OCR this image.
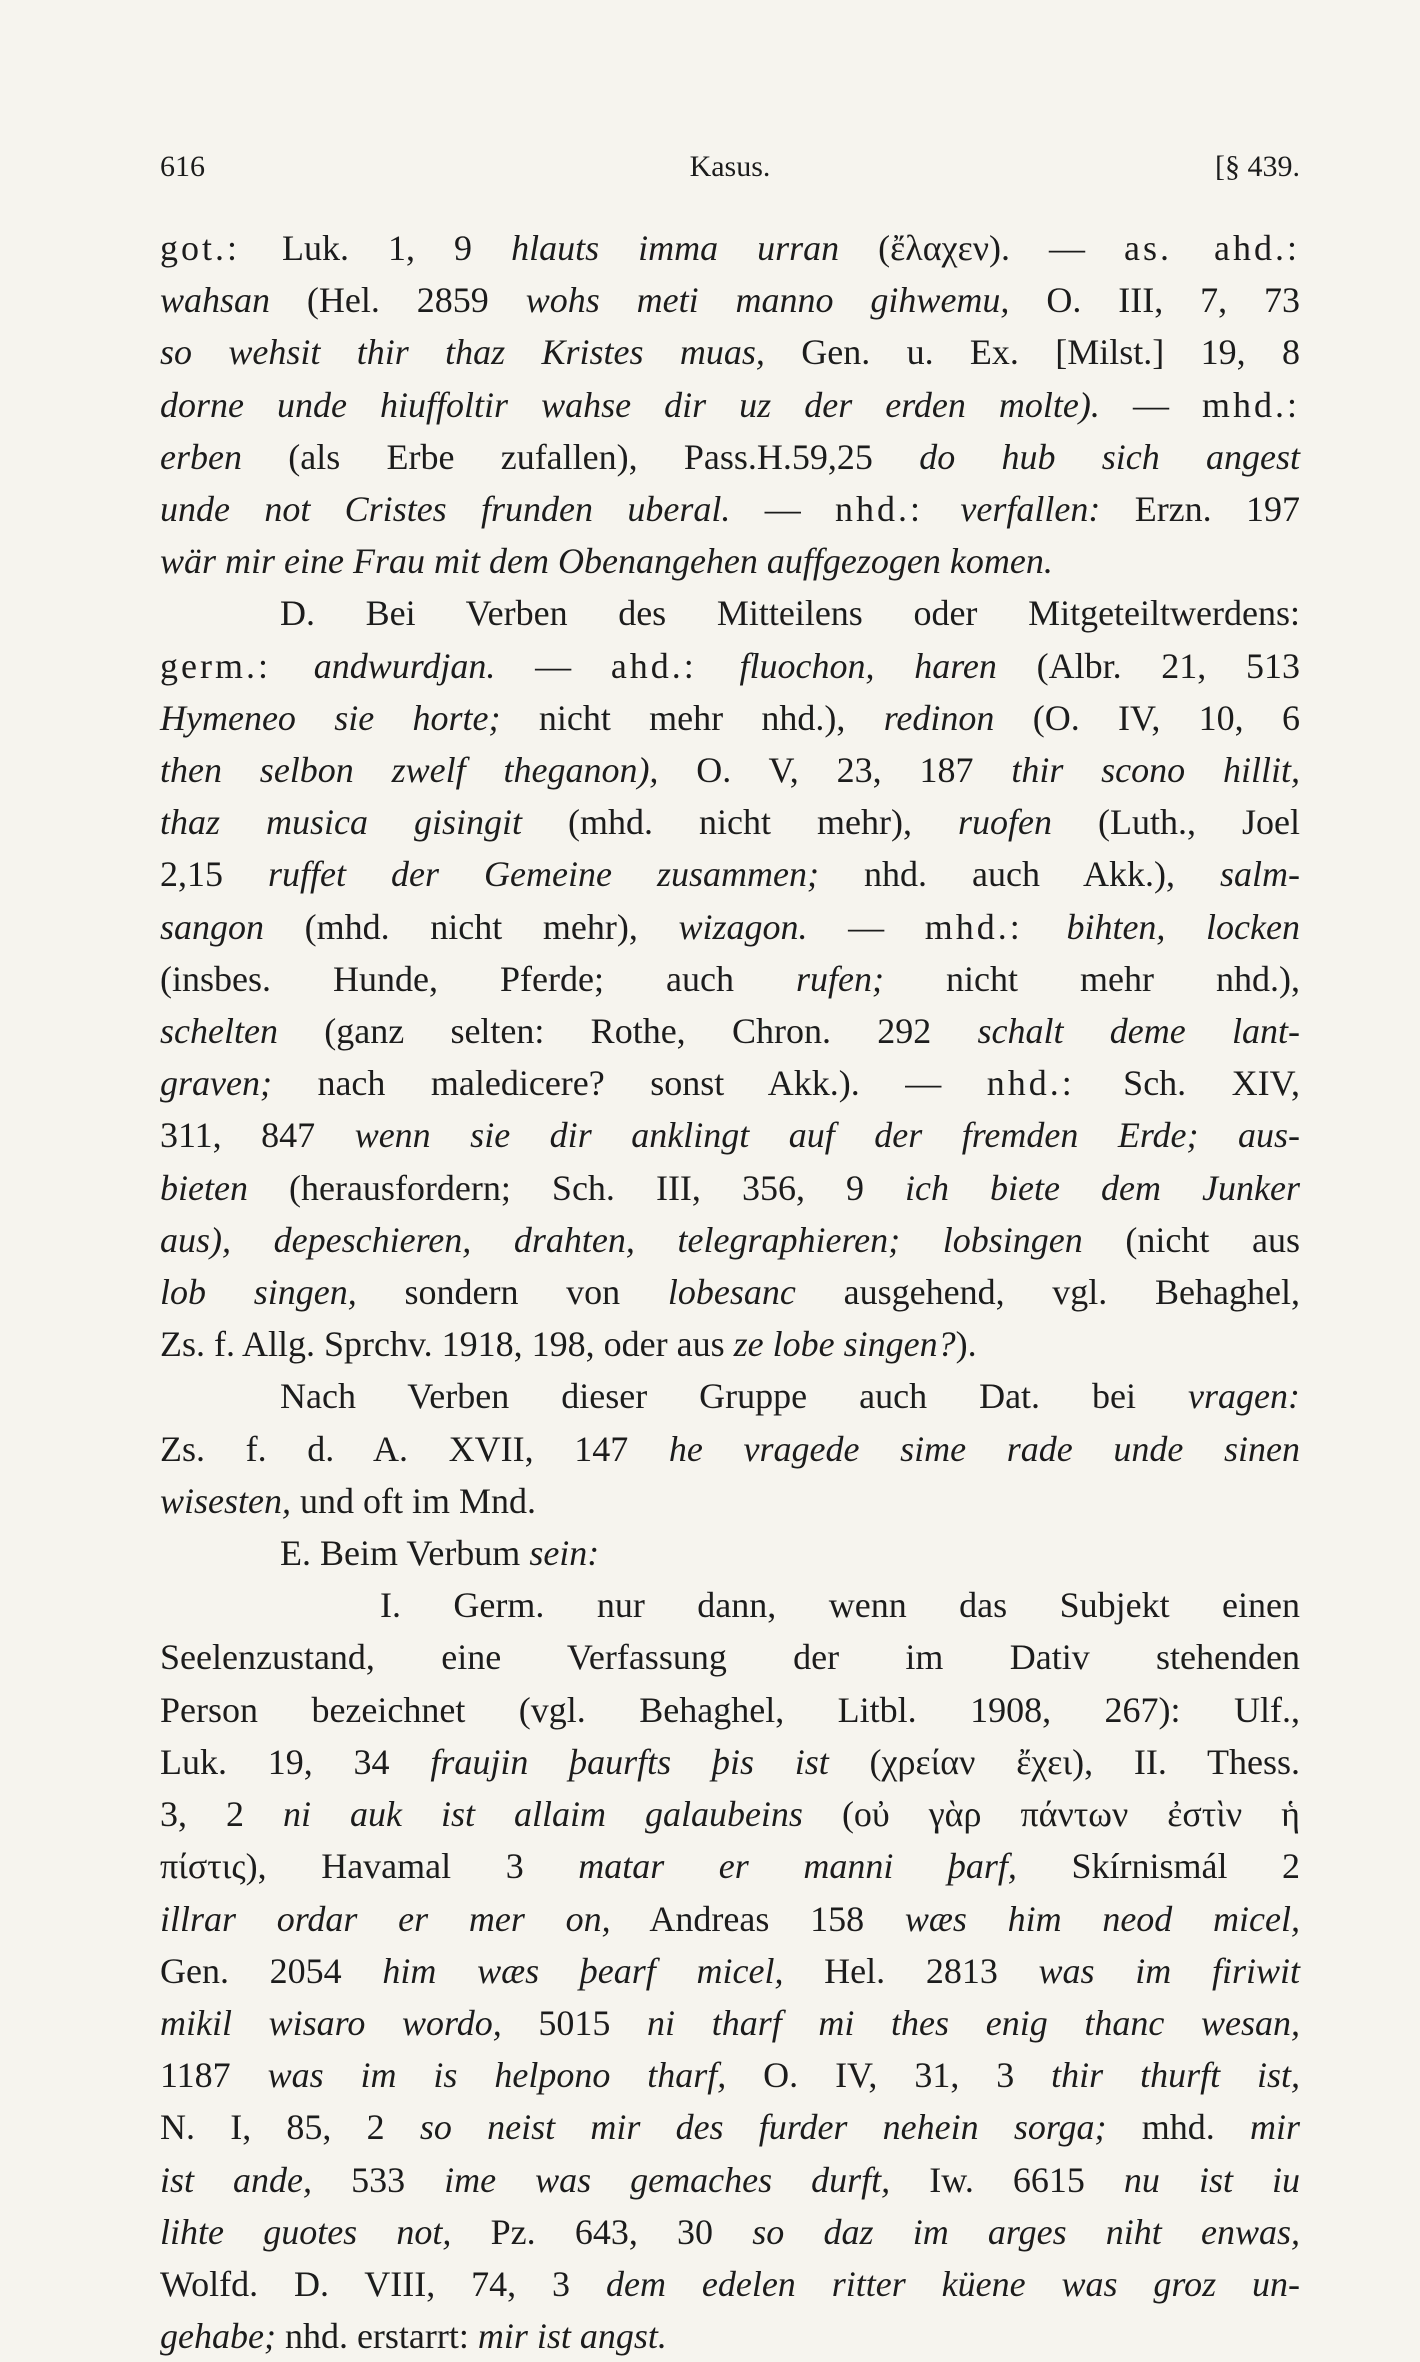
Kasus.
616	[§ 439.
got.: Luk. 1, 9 hlauts imma urran (ἔλαχεν). — as. ahd.:
wahsan (Hel. 2859 wohs meti manno gihwemu, O. III, 7, 73
so wehsit thir thaz Kristes muas, Gen. u. Ex. [Milst.] 19, 8
dorne unde hiuffoltir wahse dir uz der erden molte). — mhd.:
erben (als Erbe zufallen), Pass.H.59,25 do hub sich angest
unde not Cristes frunden uberal. — nhd.: verfallen: Erzn. 197
wär mir eine Frau mit dem Obenangehen auffgezogen komen.
D. Bei Verben des Mitteilens oder Mitgeteiltwerdens:
germ.: andwurdjan. — ahd.: fluochon, haren (Albr. 21, 513
Hymeneo sie horte; nicht mehr nhd.), redinon (O. IV, 10, 6
then selbon zwelf theganon), O. V, 23, 187 thir scono hillit,
thaz musica gisingit (mhd. nicht mehr), ruofen (Luth., Joel
2,15 ruffet der Gemeine zusammen; nhd. auch Akk.), salm-
sangon (mhd. nicht mehr), wizagon. — mhd.: bihten, locken
(insbes. Hunde, Pferde; auch rufen; nicht mehr nhd.),
schelten (ganz selten: Rothe, Chron. 292 schalt deme lant-
graven; nach maledicere? sonst Akk.). — nhd.: Sch. XIV,
311, 847 wenn sie dir anklingt auf der fremden Erde; aus-
bieten (herausfordern; Sch. III, 356, 9 ich biete dem Junker
aus), depeschieren, drahten, telegraphieren; lobsingen (nicht aus
lob singen, sondern von lobesanc ausgehend, vgl. Behaghel,
Zs. f. Allg. Sprchv. 1918, 198, oder aus ze lobe singen?).
Nach Verben dieser Gruppe auch Dat. bei vragen:
Zs. f. d. A. XVII, 147 he vragede sime rade unde sinen
wisesten, und oft im Mnd.
E. Beim Verbum sein:
I. Germ. nur dann, wenn das Subjekt einen
Seelenzustand, eine Verfassung der im Dativ stehenden
Person bezeichnet (vgl. Behaghel, Litbl. 1908, 267): Ulf.,
Luk. 19, 34 fraujin þaurfts þis ist (χρείαν ἔχει), II. Thess.
3, 2 ni auk ist allaim galaubeins (οὐ γὰρ πάντων ἐστὶν ἡ
πίστις), Havamal 3 matar er manni þarf, Skírnismál 2
illrar ordar er mer on, Andreas 158 wæs him neod micel,
Gen. 2054 him wæs þearf micel, Hel. 2813 was im firiwit
mikil wisaro wordo, 5015 ni tharf mi thes enig thanc wesan,
1187 was im is helpono tharf, O. IV, 31, 3 thir thurft ist,
N. I, 85, 2 so neist mir des furder nehein sorga; mhd. mir
ist ande, 533 ime was gemaches durft, Iw. 6615 nu ist iu
lihte guotes not, Pz. 643, 30 so daz im arges niht enwas,
Wolfd. D. VIII, 74, 3 dem edelen ritter küene was groz un-
gehabe; nhd. erstarrt: mir ist angst.
